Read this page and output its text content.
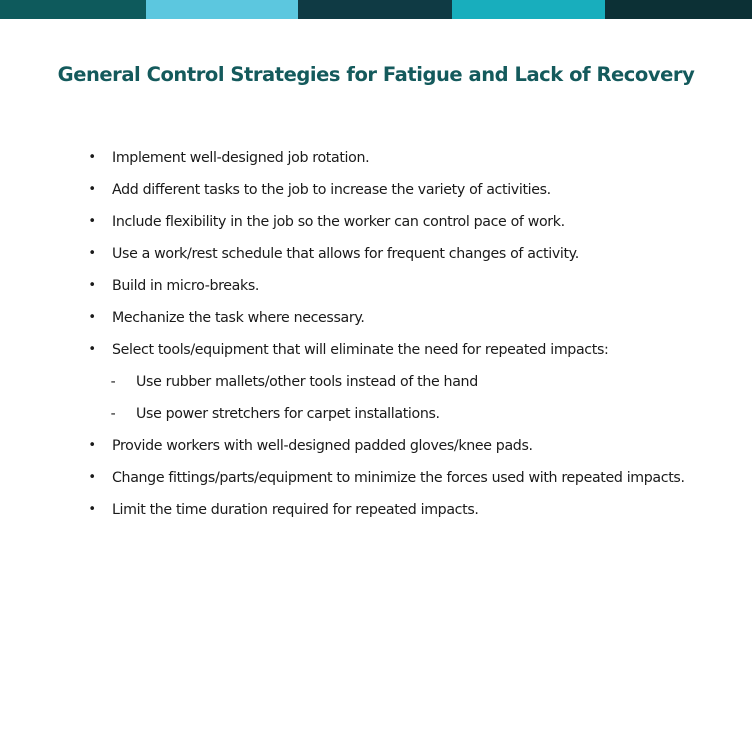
General Control Strategies for Fatigue and Lack of Recovery
• Implement well-designed job rotation.
• Add different tasks to the job to increase the variety of activities.
• Include flexibility in the job so the worker can control pace of work.
• Use a work/rest schedule that allows for frequent changes of activity.
• Build in micro-breaks.
• Mechanize the task where necessary.
• Select tools/equipment that will eliminate the need for repeated impacts:
- Use rubber mallets/other tools instead of the hand
- Use power stretchers for carpet installations.
• Provide workers with well-designed padded gloves/knee pads.
• Change fittings/parts/equipment to minimize the forces used with repeated impacts.
• Limit the time duration required for repeated impacts.
